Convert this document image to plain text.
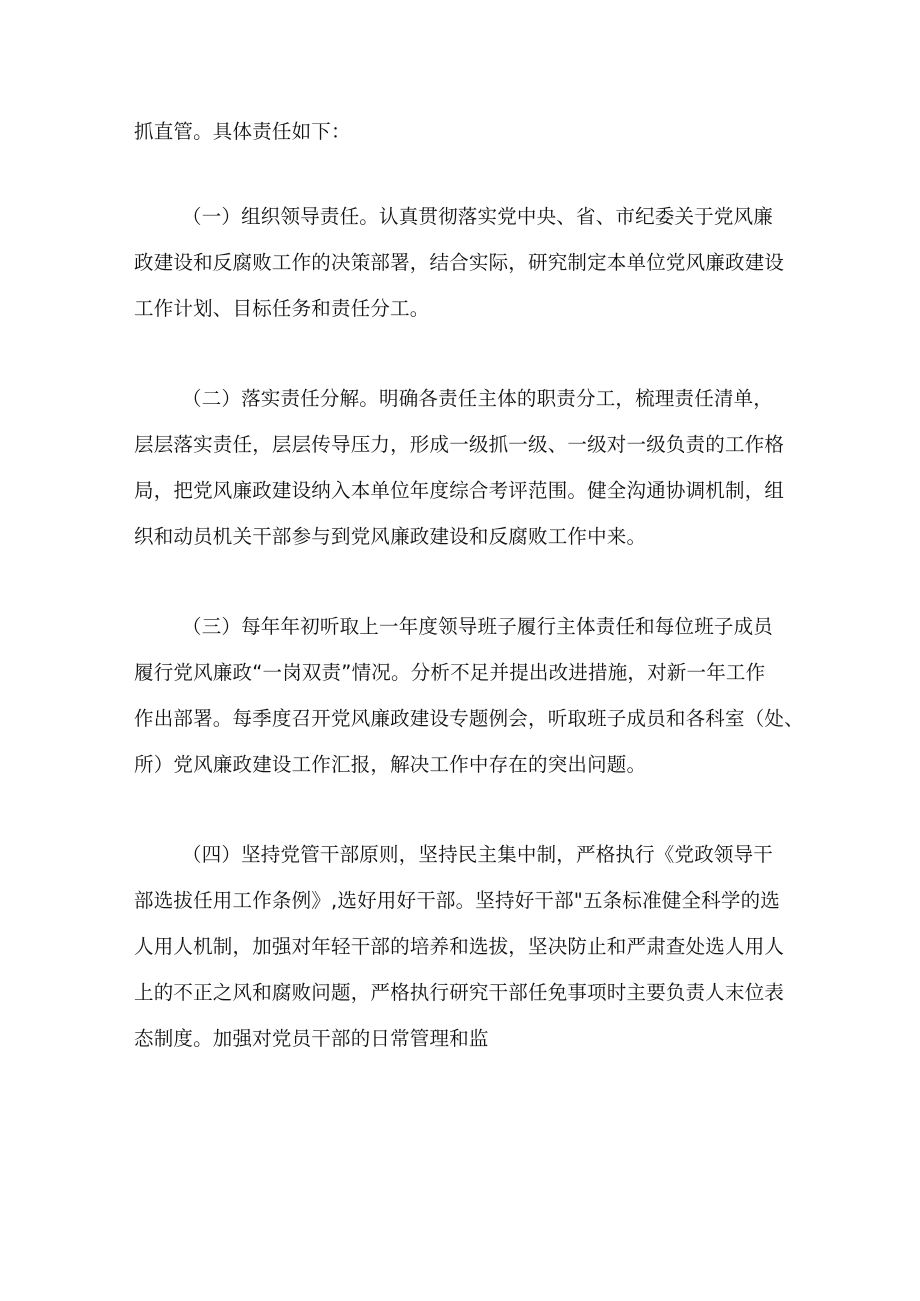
抓直管。具体责任如下：
（一）组织领导责任。认真贯彻落实党中央、省、市纪委关于党风廉
政建设和反腐败工作的决策部署，结合实际，研究制定本单位党风廉政建设
工作计划、目标任务和责任分工。
（二）落实责任分解。明确各责任主体的职责分工，梳理责任清单，
层层落实责任，层层传导压力，形成一级抓一级、一级对一级负责的工作格
局，把党风廉政建设纳入本单位年度综合考评范围。健全沟通协调机制，组
织和动员机关干部参与到党风廉政建设和反腐败工作中来。
（三）每年年初听取上一年度领导班子履行主体责任和每位班子成员
履行党风廉政“一岗双责”情况。分析不足并提出改进措施，对新一年工作
作出部署。每季度召开党风廉政建设专题例会，听取班子成员和各科室（处、
所）党风廉政建设工作汇报，解决工作中存在的突出问题。
（四）坚持党管干部原则，坚持民主集中制，严格执行《党政领导干
部选拔任用工作条例》,选好用好干部。坚持好干部"五条标准健全科学的选
人用人机制，加强对年轻干部的培养和选拔，坚决防止和严肃查处选人用人
上的不正之风和腐败问题，严格执行研究干部任免事项时主要负责人末位表
态制度。加强对党员干部的日常管理和监
